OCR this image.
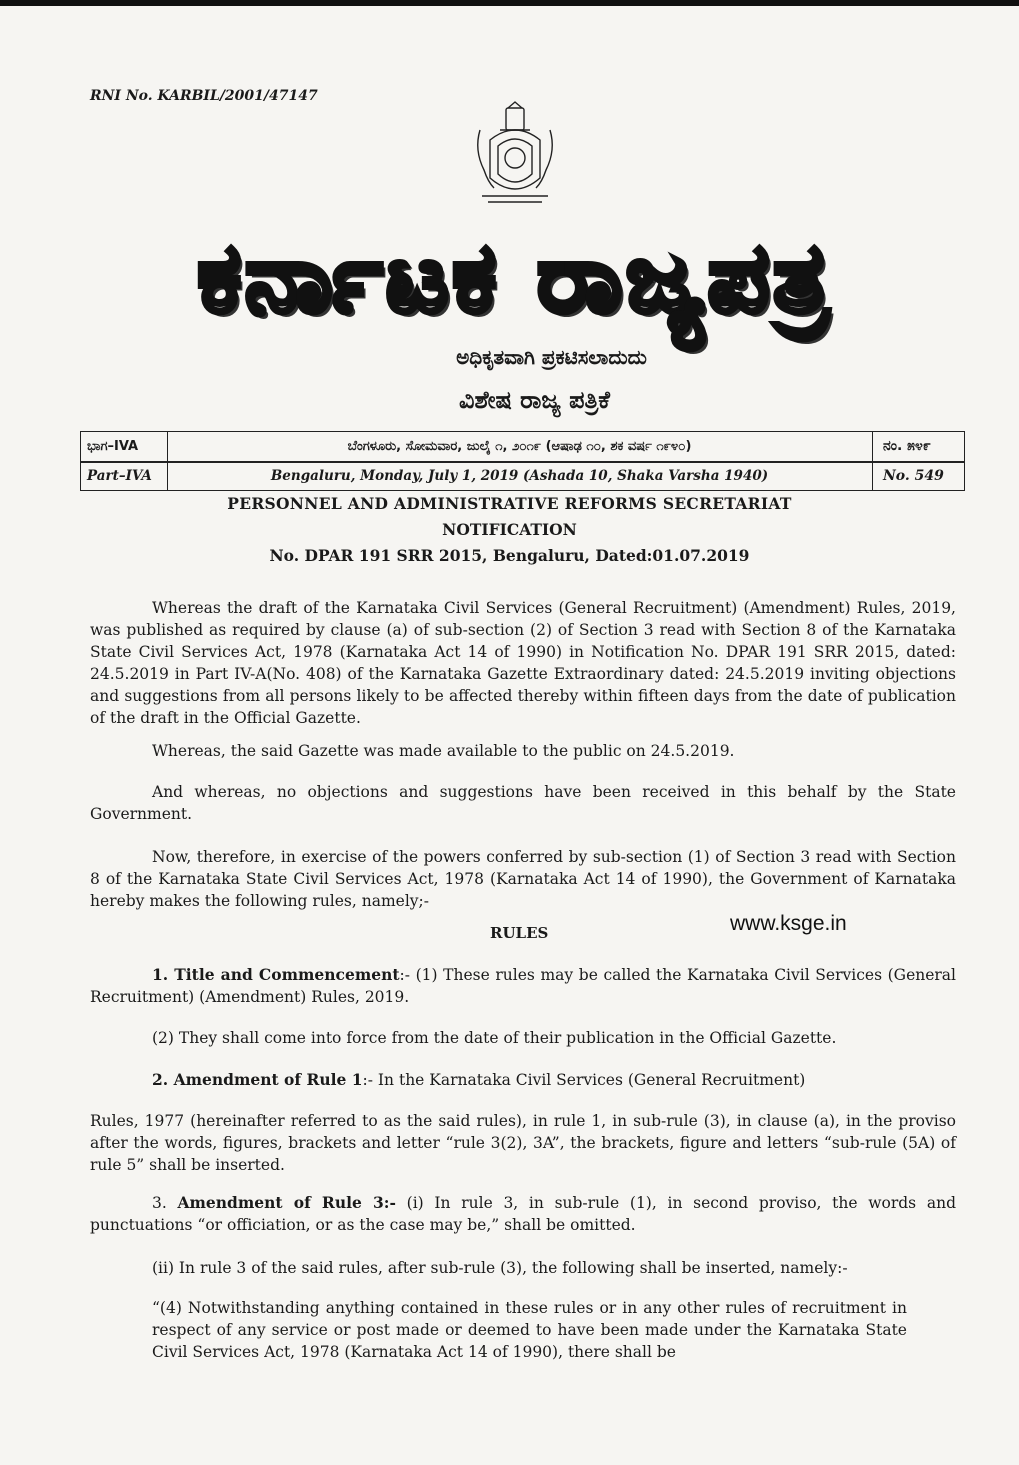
RNI No. KARBIL/2001/47147
ಕರ್ನಾಟಕ ರಾಜ್ಯಪತ್ರ
ಅಧಿಕೃತವಾಗಿ ಪ್ರಕಟಿಸಲಾದುದು
ವಿಶೇಷ ರಾಜ್ಯ ಪತ್ರಿಕೆ
ಭಾಗ–IVA
Part–IVA
ಬೆಂಗಳೂರು, ಸೋಮವಾರ, ಜುಲೈ ೧, ೨೦೧೯ (ಆಷಾಢ ೧೦, ಶಕ ವರ್ಷ ೧೯೪೦)
Bengaluru, Monday, July 1, 2019 (Ashada 10, Shaka Varsha 1940)
ನಂ. ೫೪೯
No. 549
PERSONNEL AND ADMINISTRATIVE REFORMS SECRETARIAT
NOTIFICATION
No. DPAR 191 SRR 2015, Bengaluru, Dated:01.07.2019
Whereas the draft of the Karnataka Civil Services (General Recruitment) (Amendment) Rules, 2019, was published as required by clause (a) of sub-section (2) of Section 3 read with Section 8 of the Karnataka State Civil Services Act, 1978 (Karnataka Act 14 of 1990) in Notification No. DPAR 191 SRR 2015, dated: 24.5.2019 in Part IV-A(No. 408) of the Karnataka Gazette Extraordinary dated: 24.5.2019 inviting objections and suggestions from all persons likely to be affected thereby within fifteen days from the date of publication of the draft in the Official Gazette.
Whereas, the said Gazette was made available to the public on 24.5.2019.
And whereas, no objections and suggestions have been received in this behalf by the State Government.
Now, therefore, in exercise of the powers conferred by sub-section (1) of Section 3 read with Section 8 of the Karnataka State Civil Services Act, 1978 (Karnataka Act 14 of 1990), the Government of Karnataka hereby makes the following rules, namely;-
RULES	www.ksge.in
1. Title and Commencement:- (1) These rules may be called the Karnataka Civil Services (General Recruitment) (Amendment) Rules, 2019.
(2) They shall come into force from the date of their publication in the Official Gazette.
2. Amendment of Rule 1:- In the Karnataka Civil Services (General Recruitment)
Rules, 1977 (hereinafter referred to as the said rules), in rule 1, in sub-rule (3), in clause (a), in the proviso after the words, figures, brackets and letter “rule 3(2), 3A”, the brackets, figure and letters “sub-rule (5A) of rule 5” shall be inserted.
3. Amendment of Rule 3:- (i) In rule 3, in sub-rule (1), in second proviso, the words and punctuations “or officiation, or as the case may be,” shall be omitted.
(ii) In rule 3 of the said rules, after sub-rule (3), the following shall be inserted, namely:-
“(4) Notwithstanding anything contained in these rules or in any other rules of recruitment in respect of any service or post made or deemed to have been made under the Karnataka State Civil Services Act, 1978 (Karnataka Act 14 of 1990), there shall be
